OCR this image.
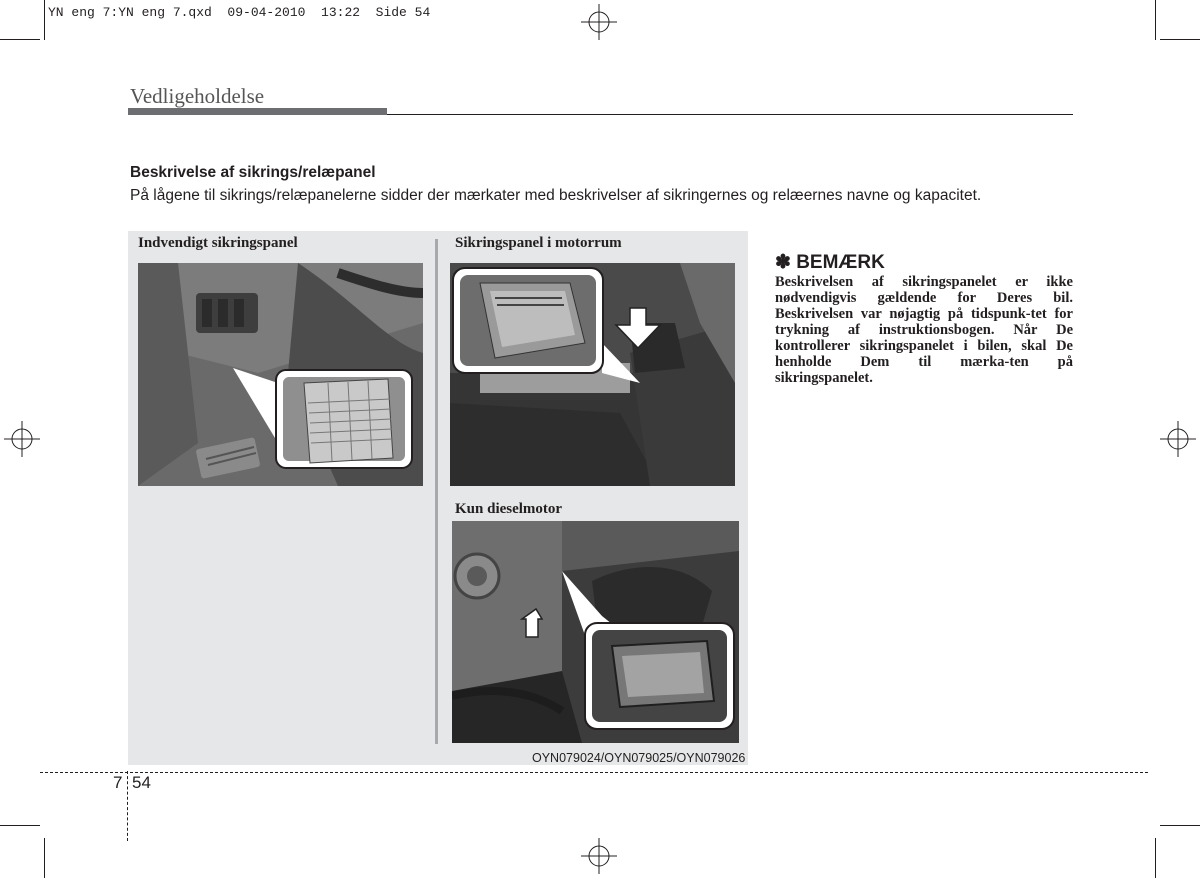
YN eng 7:YN eng 7.qxd  09-04-2010  13:22  Side 54
Vedligeholdelse
Beskrivelse af sikrings/relæpanel
På lågene til sikrings/relæpanelerne sidder der mærkater med beskrivelser af sikringernes og relæernes navne og kapacitet.
Indvendigt sikringspanel	Sikringspanel i motorrum
Kun dieselmotor
OYN079024/OYN079025/OYN079026
✽ BEMÆRK
Beskrivelsen af sikringspanelet er ikke nødvendigvis gældende for Deres bil. Beskrivelsen var nøjagtig på tidspunk-tet for trykning af instruktionsbogen. Når De kontrollerer sikringspanelet i bilen, skal De henholde Dem til mærka-ten på sikringspanelet.
7 54
